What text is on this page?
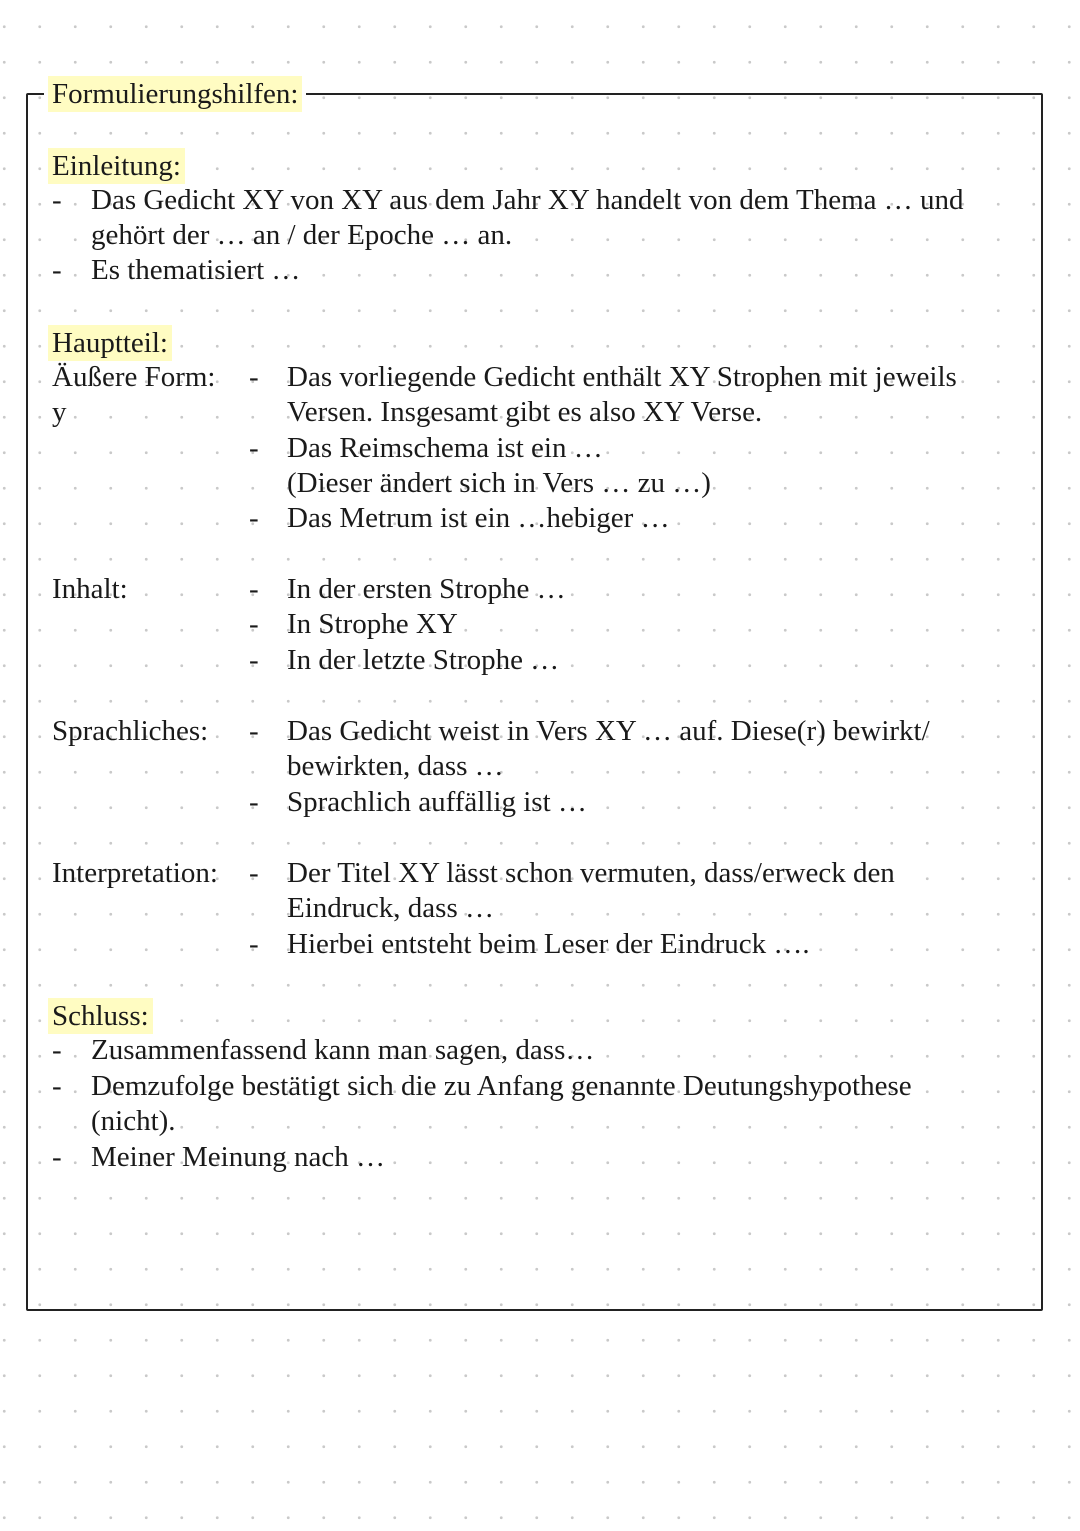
Formulierungshilfen:
Einleitung:
- Das Gedicht XY von XY aus dem Jahr XY handelt von dem Thema … und
gehört der … an / der Epoche … an.
- Es thematisiert …
Hauptteil:
Äußere Form:
y
- Das vorliegende Gedicht enthält XY Strophen mit jeweils
Versen. Insgesamt gibt es also XY Verse.
- Das Reimschema ist ein …
(Dieser ändert sich in Vers … zu …)
- Das Metrum ist ein …hebiger …
Inhalt:	- In der ersten Strophe …
- In Strophe XY
- In der letzte Strophe …
Sprachliches: - Das Gedicht weist in Vers XY … auf. Diese(r) bewirkt/
bewirkten, dass …
- Sprachlich auffällig ist …
Interpretation: - Der Titel XY lässt schon vermuten, dass/erweck den
Eindruck, dass …
- Hierbei entsteht beim Leser der Eindruck ….
Schluss:
- Zusammenfassend kann man sagen, dass…
- Demzufolge bestätigt sich die zu Anfang genannte Deutungshypothese
(nicht).
- Meiner Meinung nach …
